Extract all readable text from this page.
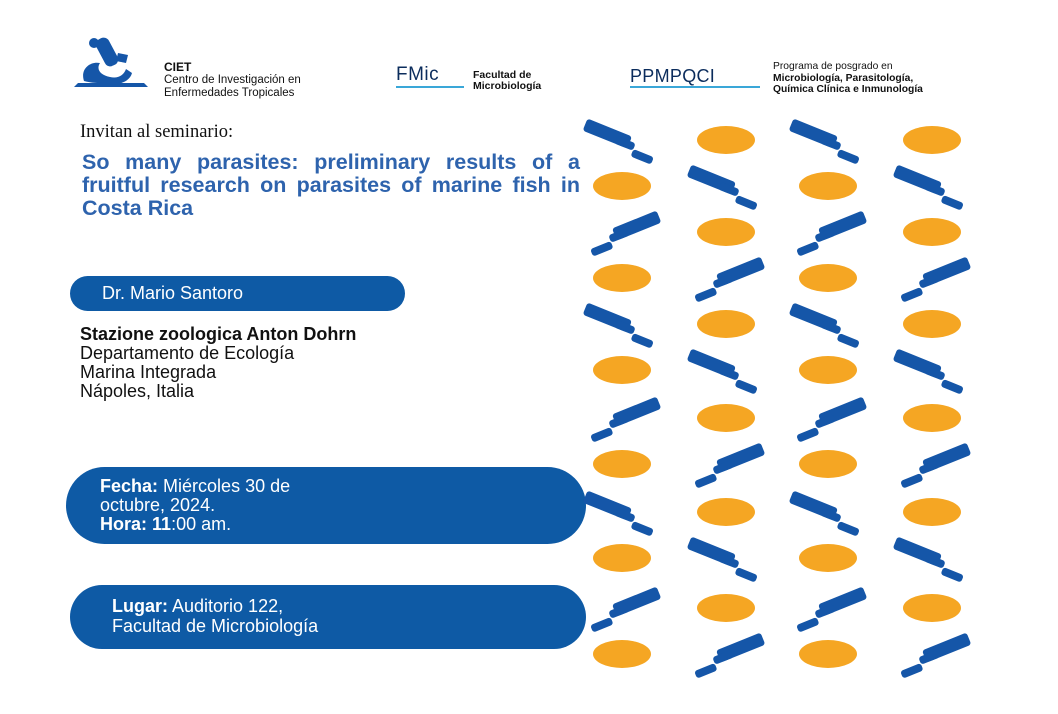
CIET
Centro de Investigación en
Enfermedades Tropicales
FMic	Facultad de
Microbiología	PPMPQCI	Programa de posgrado en
Microbiología, Parasitología,
Química Clínica e Inmunología
Invitan al seminario:
So many parasites: preliminary results of a fruitful research on parasites of marine fish in Costa Rica
Dr. Mario Santoro
Stazione zoologica Anton Dohrn
Departamento de Ecología
Marina Integrada
Nápoles, Italia
Fecha: Miércoles 30 de
octubre, 2024.
Hora: 11:00 am.
Lugar: Auditorio 122,
Facultad de Microbiología
